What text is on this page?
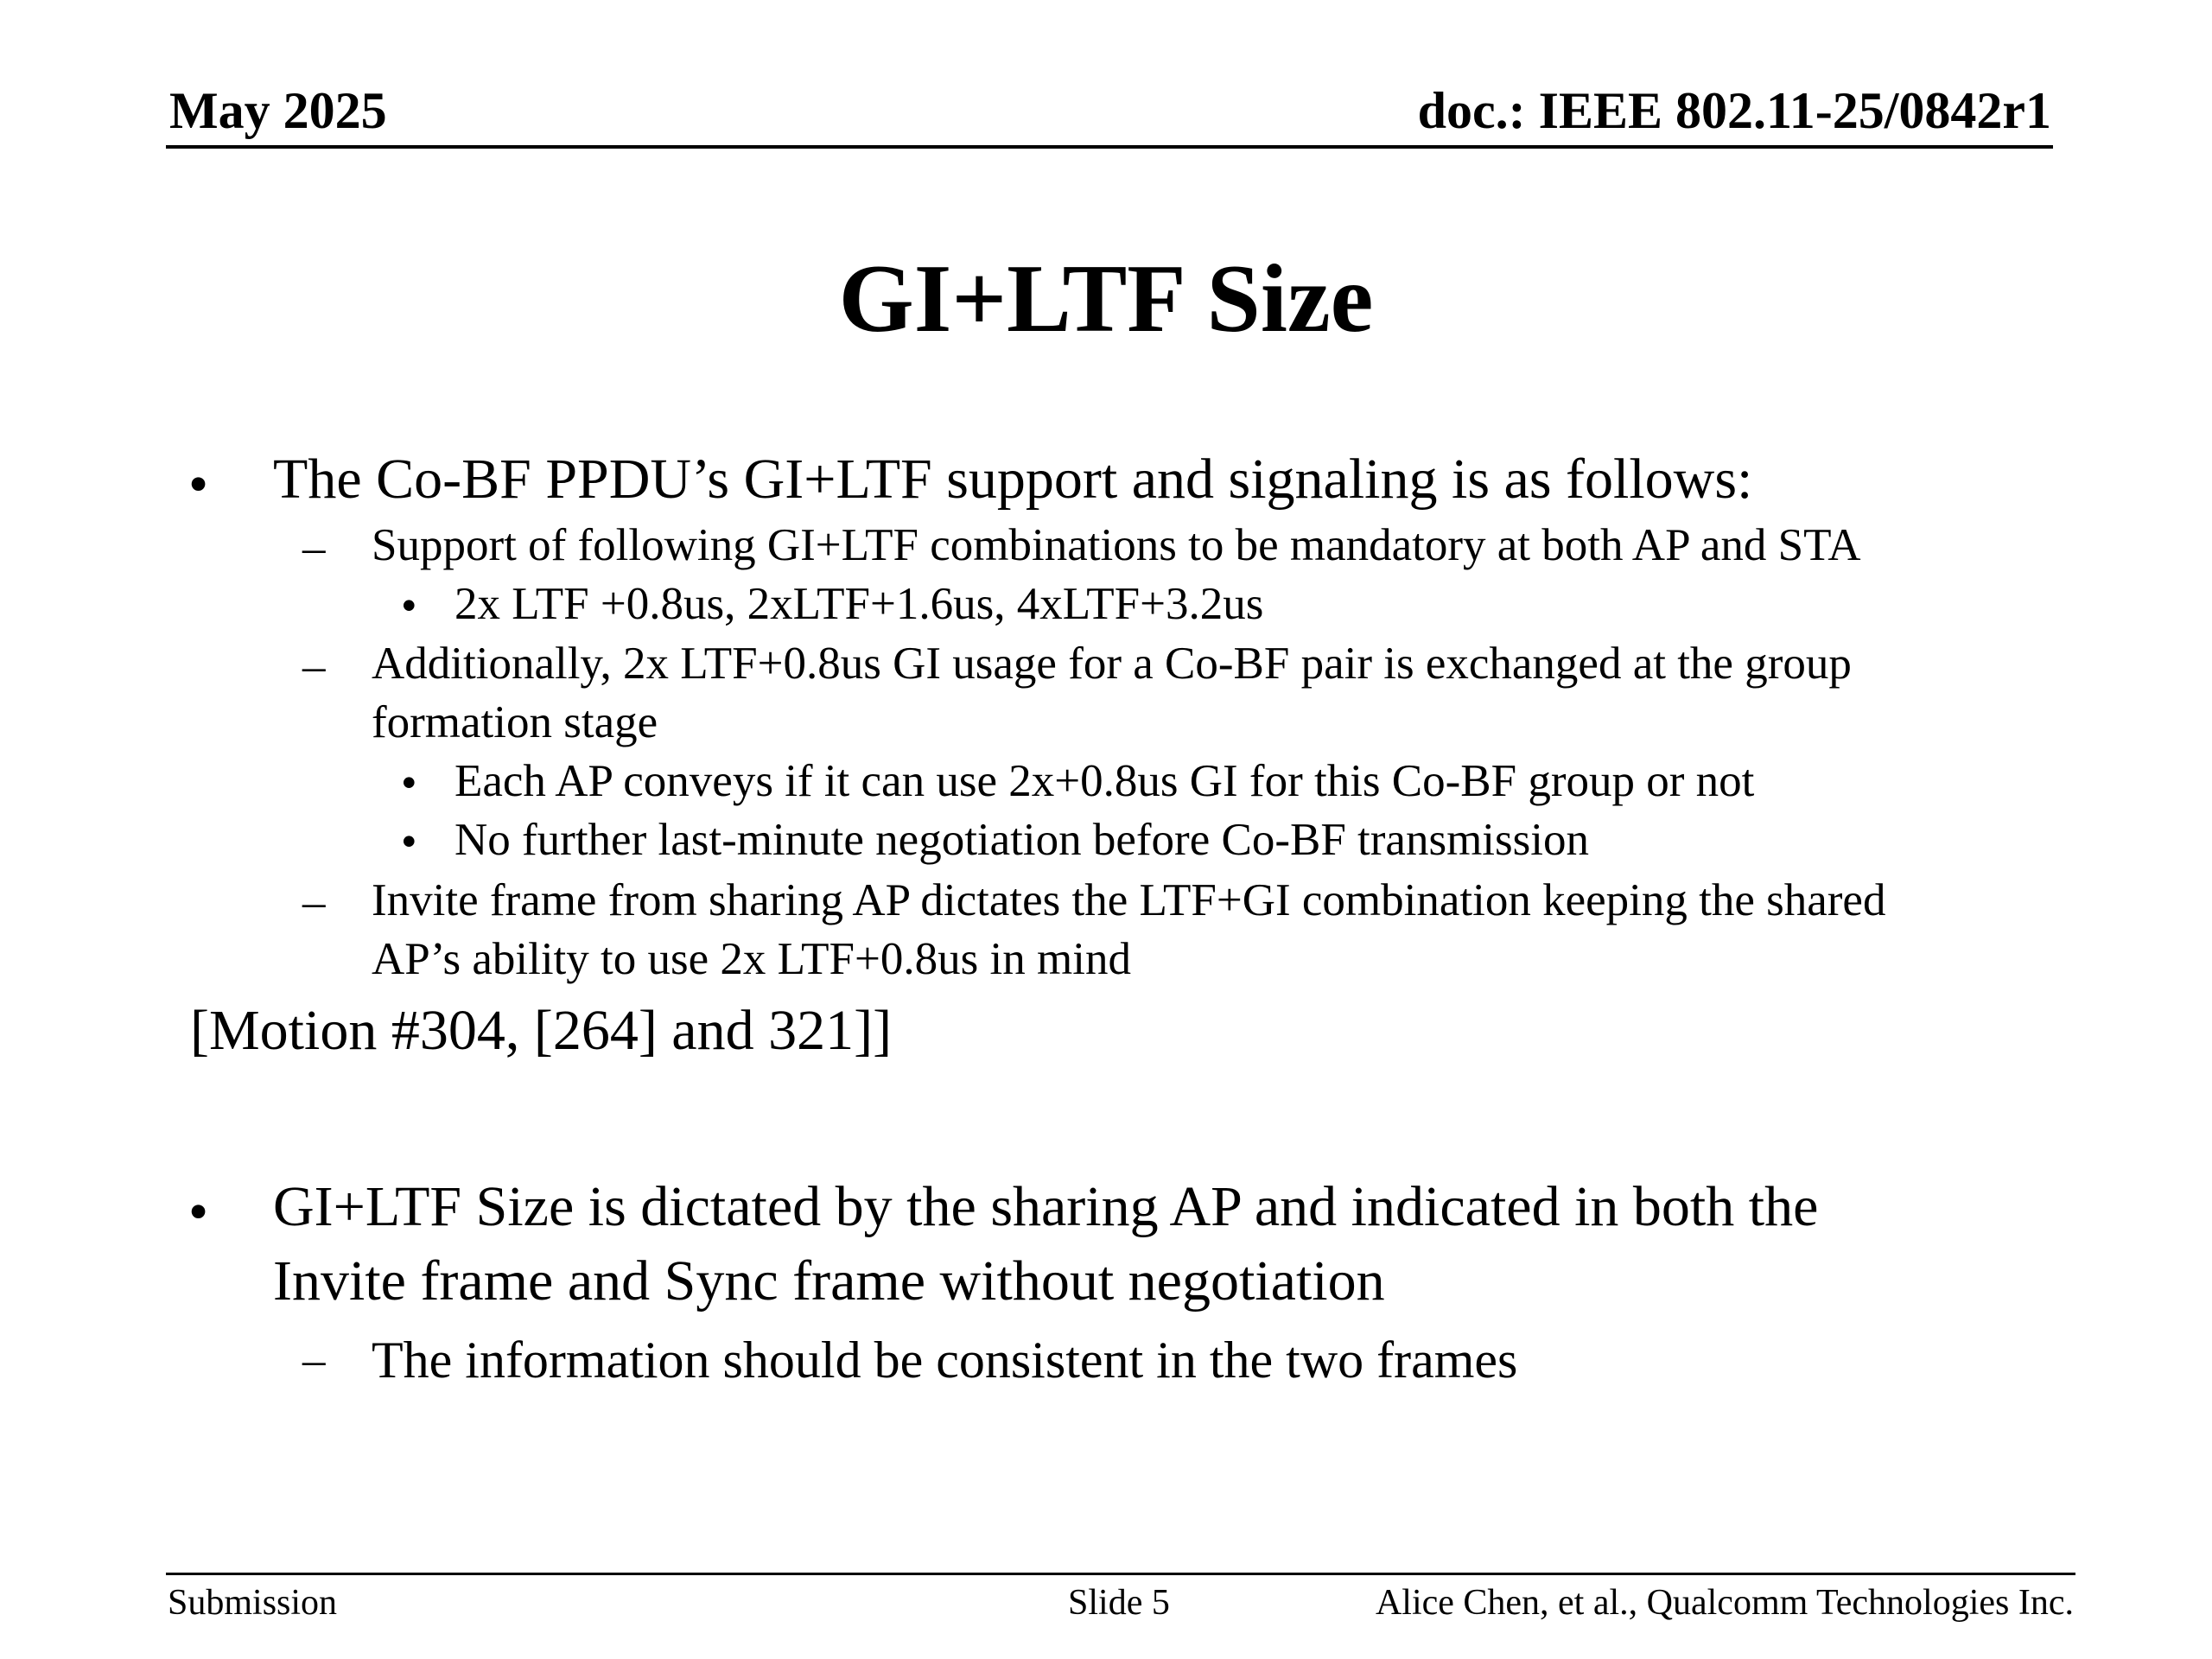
May 2025	doc.: IEEE 802.11-25/0842r1
GI+LTF Size
• The Co-BF PPDU’s GI+LTF support and signaling is as follows:
– Support of following GI+LTF combinations to be mandatory at both AP and STA
• 2x LTF +0.8us, 2xLTF+1.6us, 4xLTF+3.2us
– Additionally, 2x LTF+0.8us GI usage for a Co-BF pair is exchanged at the group
formation stage
• Each AP conveys if it can use 2x+0.8us GI for this Co-BF group or not
• No further last-minute negotiation before Co-BF transmission
– Invite frame from sharing AP dictates the LTF+GI combination keeping the shared
AP’s ability to use 2x LTF+0.8us in mind
[Motion #304, [264] and 321]]
• GI+LTF Size is dictated by the sharing AP and indicated in both the
Invite frame and Sync frame without negotiation
– The information should be consistent in the two frames
Submission	Slide 5	Alice Chen, et al., Qualcomm Technologies Inc.
